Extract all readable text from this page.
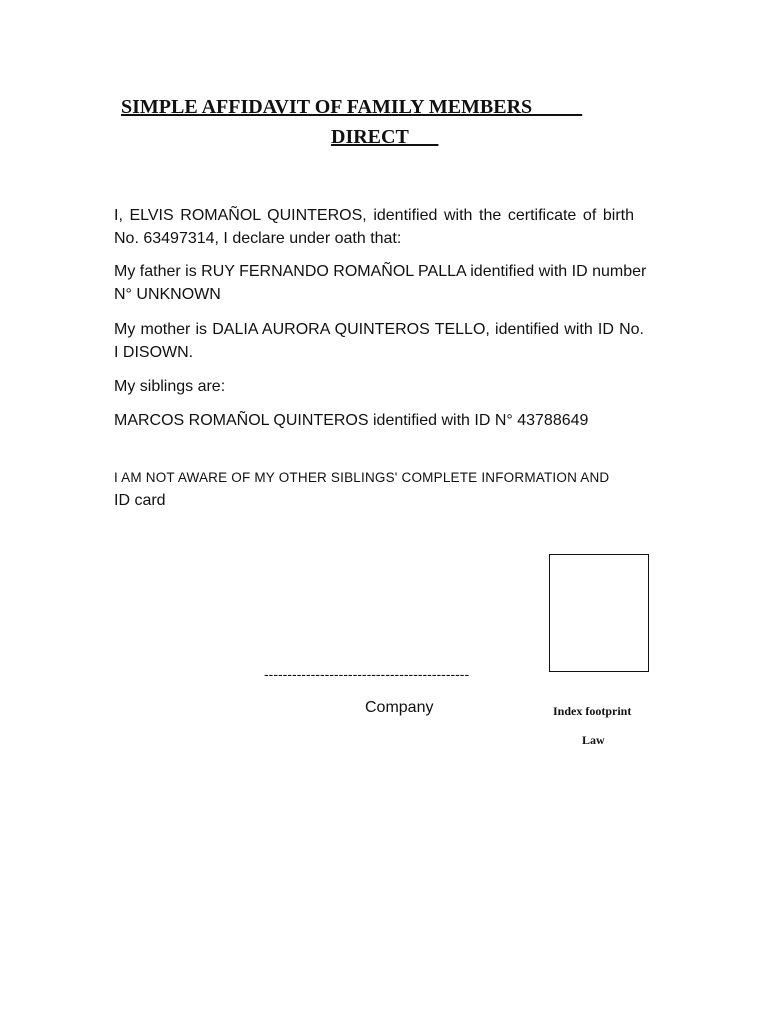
SIMPLE AFFIDAVIT OF FAMILY MEMBERS
DIRECT

I, ELVIS ROMAÑOL QUINTEROS, identified with the certificate of birth No. 63497314, I declare under oath that:

My father is RUY FERNANDO ROMAÑOL PALLA identified with ID number N° UNKNOWN

My mother is DALIA AURORA QUINTEROS TELLO, identified with ID No. I DISOWN.

My siblings are:

MARCOS ROMAÑOL QUINTEROS identified with ID N° 43788649

I AM NOT AWARE OF MY OTHER SIBLINGS' COMPLETE INFORMATION AND
ID card

--------------------------------------------
Company	Index footprint
Law
